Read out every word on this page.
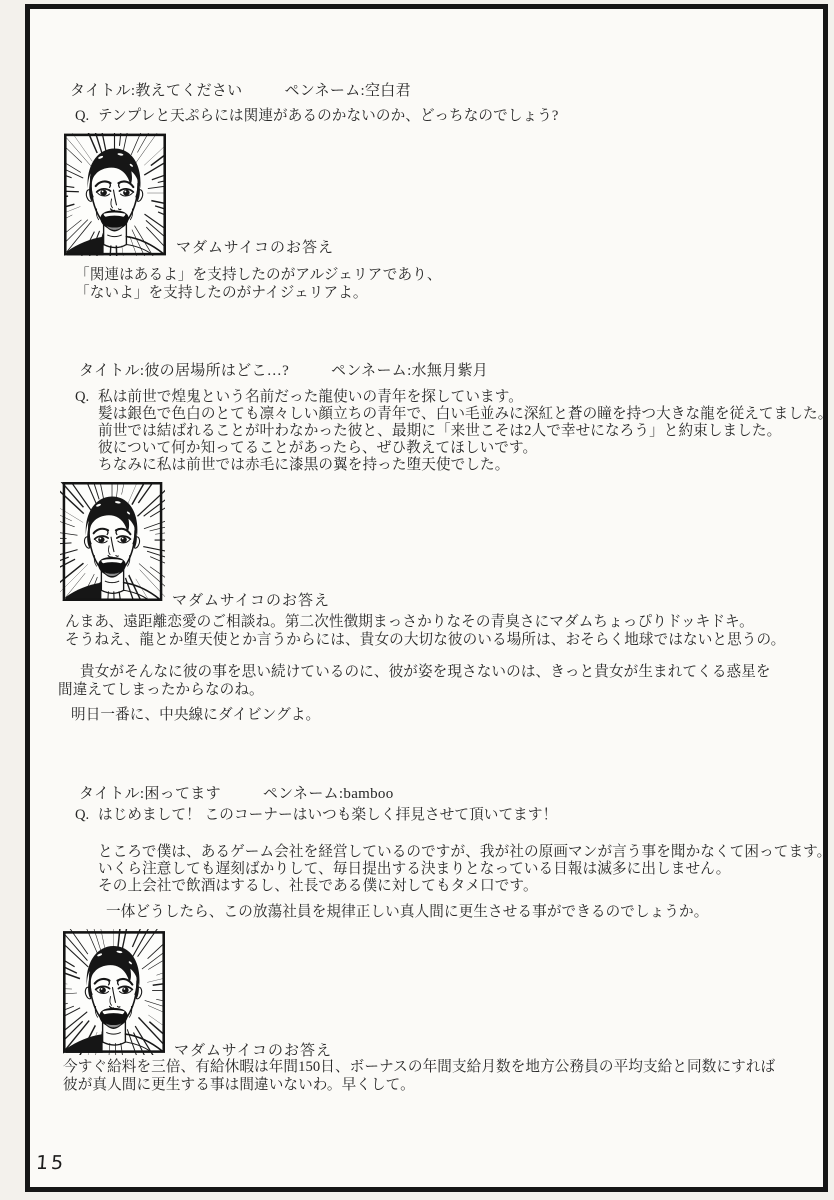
タイトル:教えてください	ペンネーム:空白君
Q. テンプレと天ぷらには関連があるのかないのか、どっちなのでしょう?
マダムサイコのお答え
「関連はあるよ」を支持したのがアルジェリアであり、
「ないよ」を支持したのがナイジェリアよ。
タイトル:彼の居場所はどこ…?	ペンネーム:水無月紫月
Q. 私は前世で煌鬼という名前だった龍使いの青年を探しています。
髪は銀色で色白のとても凛々しい顔立ちの青年で、白い毛並みに深紅と蒼の瞳を持つ大きな龍を従えてました。
前世では結ばれることが叶わなかった彼と、最期に「来世こそは2人で幸せになろう」と約束しました。
彼について何か知ってることがあったら、ぜひ教えてほしいです。
ちなみに私は前世では赤毛に漆黒の翼を持った堕天使でした。
マダムサイコのお答え
んまあ、遠距離恋愛のご相談ね。第二次性徴期まっさかりなその青臭さにマダムちょっぴりドッキドキ。
そうねえ、龍とか堕天使とか言うからには、貴女の大切な彼のいる場所は、おそらく地球ではないと思うの。
貴女がそんなに彼の事を思い続けているのに、彼が姿を現さないのは、きっと貴女が生まれてくる惑星を
間違えてしまったからなのね。
明日一番に、中央線にダイビングよ。
タイトル:困ってます	ペンネーム:bamboo
Q. はじめまして！ このコーナーはいつも楽しく拝見させて頂いてます！
ところで僕は、あるゲーム会社を経営しているのですが、我が社の原画マンが言う事を聞かなくて困ってます。
いくら注意しても遅刻ばかりして、毎日提出する決まりとなっている日報は滅多に出しません。
その上会社で飲酒はするし、社長である僕に対してもタメ口です。
一体どうしたら、この放蕩社員を規律正しい真人間に更生させる事ができるのでしょうか。
マダムサイコのお答え
今すぐ給料を三倍、有給休暇は年間150日、ボーナスの年間支給月数を地方公務員の平均支給と同数にすれば
彼が真人間に更生する事は間違いないわ。早くして。
15
